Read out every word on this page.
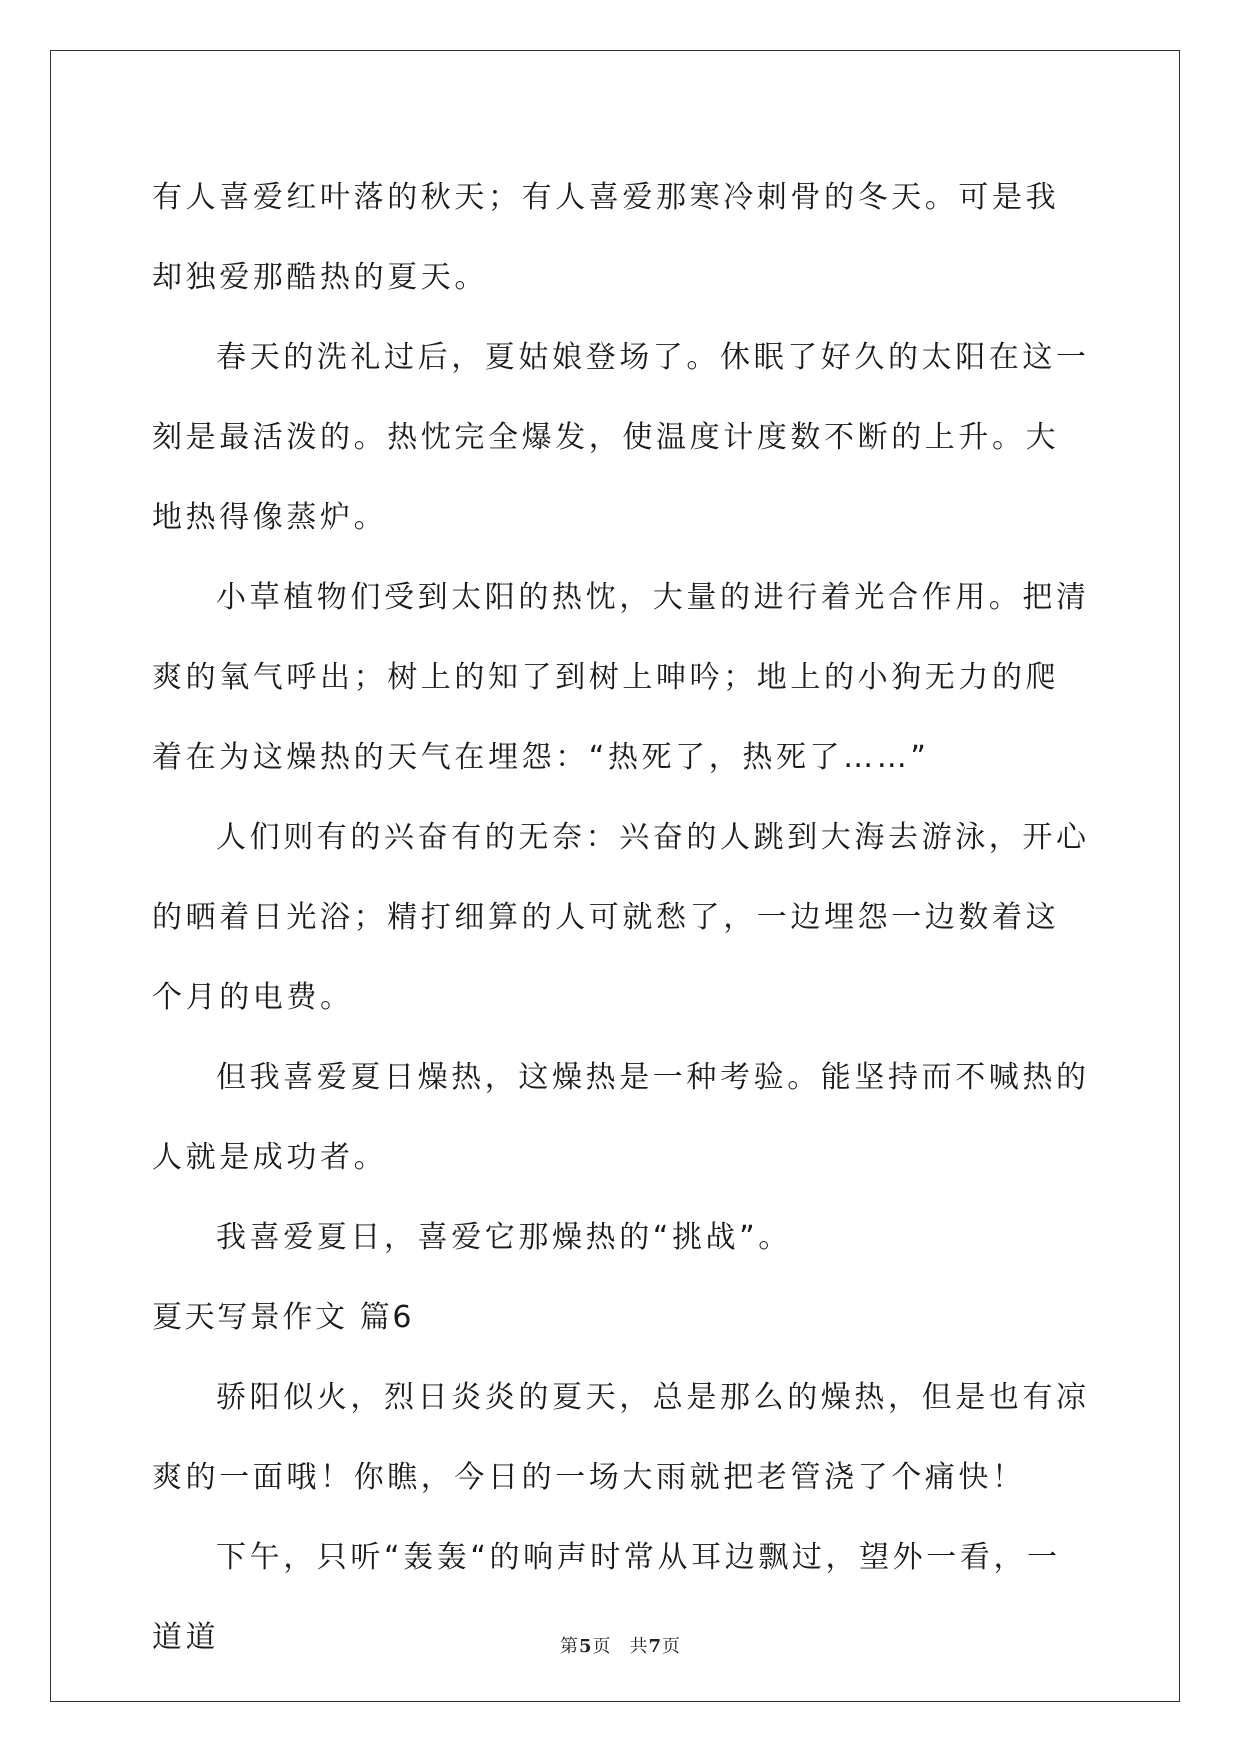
有人喜爱红叶落的秋天；有人喜爱那寒冷刺骨的冬天。可是我却独爱那酷热的夏天。

春天的洗礼过后，夏姑娘登场了。休眠了好久的太阳在这一刻是最活泼的。热忱完全爆发，使温度计度数不断的上升。大地热得像蒸炉。

小草植物们受到太阳的热忱，大量的进行着光合作用。把清爽的氧气呼出；树上的知了到树上呻吟；地上的小狗无力的爬着在为这燥热的天气在埋怨：“热死了，热死了……”

人们则有的兴奋有的无奈：兴奋的人跳到大海去游泳，开心的晒着日光浴；精打细算的人可就愁了，一边埋怨一边数着这个月的电费。

但我喜爱夏日燥热，这燥热是一种考验。能坚持而不喊热的人就是成功者。

我喜爱夏日，喜爱它那燥热的“挑战”。

夏天写景作文 篇6

骄阳似火，烈日炎炎的夏天，总是那么的燥热，但是也有凉爽的一面哦！你瞧，今日的一场大雨就把老管浇了个痛快！

下午，只听“轰轰“的响声时常从耳边飘过，望外一看，一道道	第5页 共7页
